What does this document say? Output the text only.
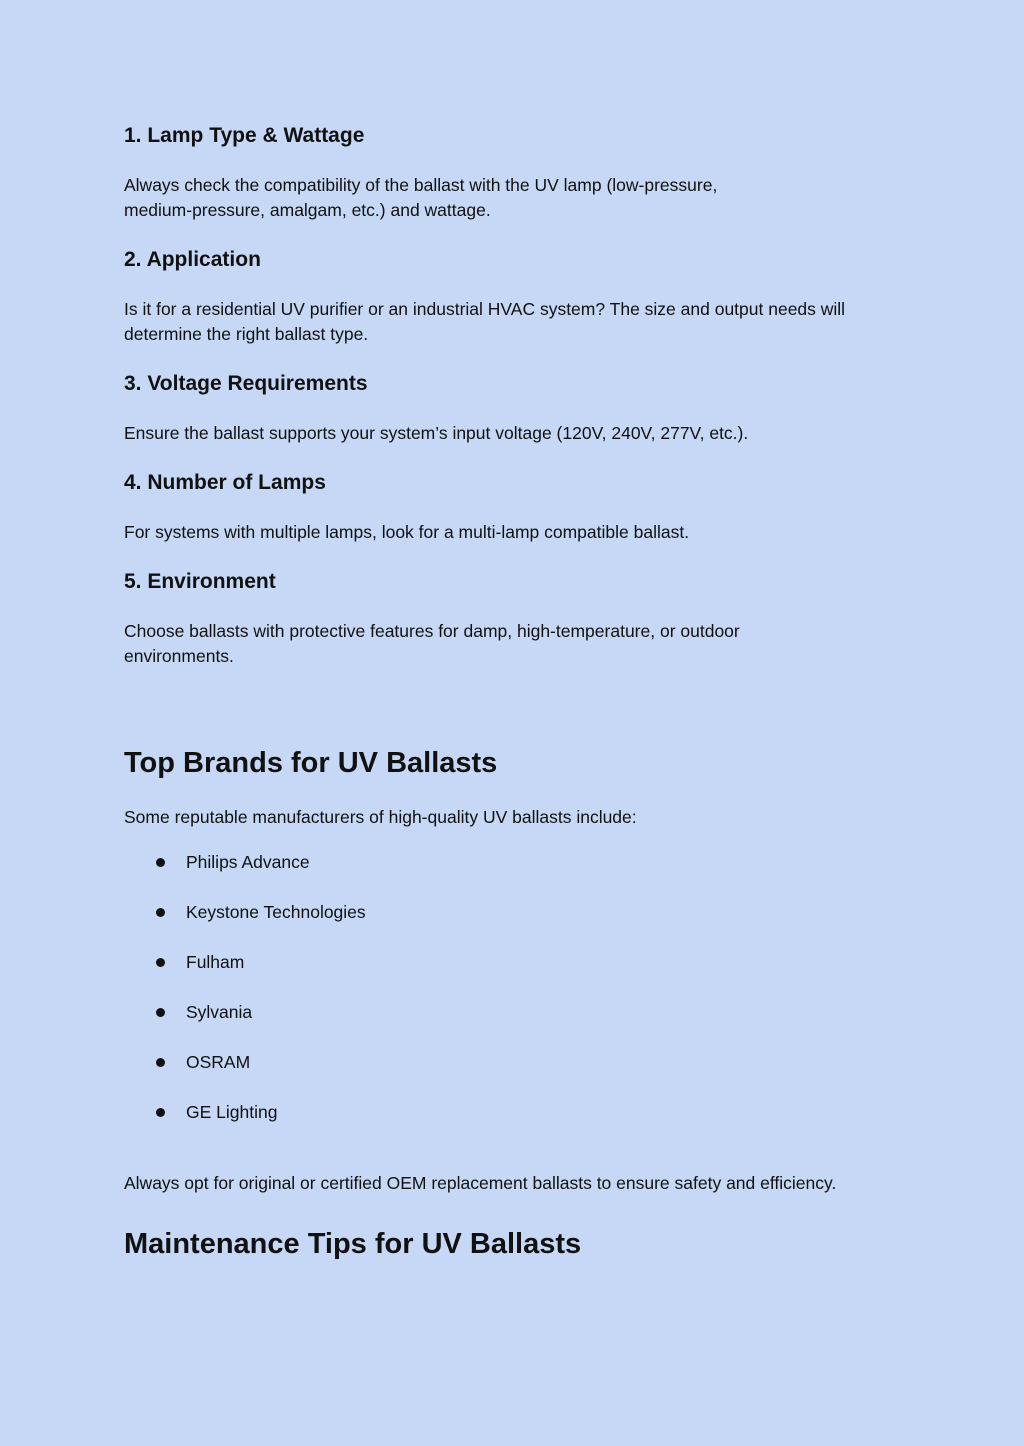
1. Lamp Type & Wattage

Always check the compatibility of the ballast with the UV lamp (low-pressure, medium-pressure, amalgam, etc.) and wattage.

2. Application

Is it for a residential UV purifier or an industrial HVAC system? The size and output needs will determine the right ballast type.

3. Voltage Requirements

Ensure the ballast supports your system’s input voltage (120V, 240V, 277V, etc.).

4. Number of Lamps

For systems with multiple lamps, look for a multi-lamp compatible ballast.

5. Environment

Choose ballasts with protective features for damp, high-temperature, or outdoor environments.

Top Brands for UV Ballasts

Some reputable manufacturers of high-quality UV ballasts include:

Philips Advance
Keystone Technologies
Fulham
Sylvania
OSRAM
GE Lighting

Always opt for original or certified OEM replacement ballasts to ensure safety and efficiency.

Maintenance Tips for UV Ballasts
